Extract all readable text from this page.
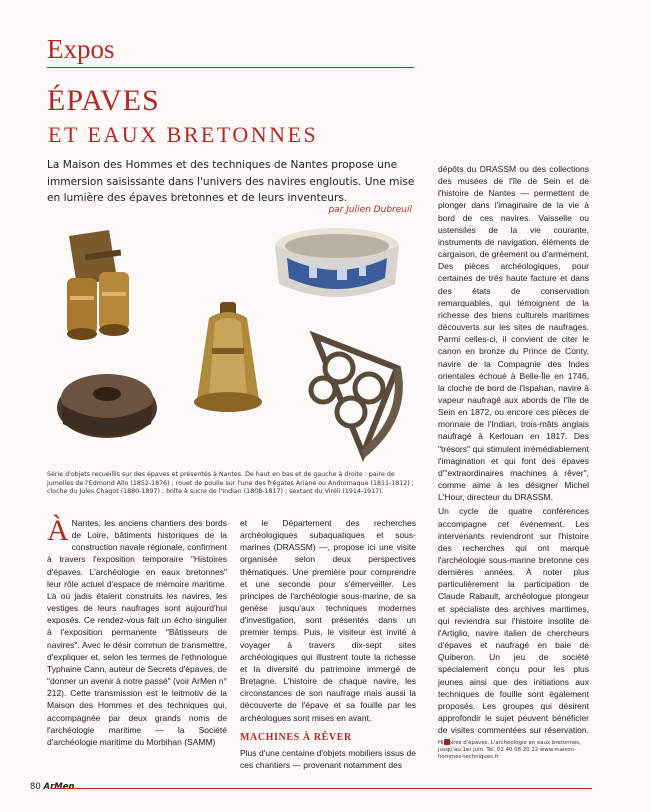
Expos
ÉPAVES
ET EAUX BRETONNES
La Maison des Hommes et des techniques de Nantes propose une immersion saisissante dans l'univers des navires engloutis. Une mise en lumière des épaves bretonnes et de leurs inventeurs.
par Julien Dubreuil
Série d'objets recueillis sur des épaves et présentés à Nantes. De haut en bas et de gauche à droite : paire de jumelles de l'Edmond Allo (1852-1876) ; rouet de poulie sur l'une des frégates Ariane ou Andromaque (1811-1812) ; cloche du Jules Chagot (1880-1897) ; boîte à sucre de l'Indian (1808-1817) ; sextant du Viréli (1914-1917).

À Nantes, les anciens chantiers des bords de Loire, bâtiments historiques de la construction navale régionale, confirment à travers l'exposition temporaire "Histoires d'épaves. L'archéologie en eaux bretonnes" leur rôle actuel d'espace de mémoire maritime. Là où jadis étaient construits les navires, les vestiges de leurs naufrages sont aujourd'hui exposés. Ce rendez-vous fait un écho singulier à l'exposition permanente "Bâtisseurs de navires". Avec le désir commun de transmettre, d'expliquer et, selon les termes de l'ethnologue Typhaine Cann, auteur de Secrets d'épaves, de "donner un avenir à notre passé" (voir ArMen n° 212). Cette transmission est le leitmotiv de la Maison des Hommes et des techniques qui, accompagnée par deux grands noms de l'archéologie maritime — la Société d'archéologie maritime du Morbihan (SAMM)

et le Département des recherches archéologiques subaquatiques et sous-marines (DRASSM) —, propose ici une visite organisée selon deux perspectives thématiques. Une première pour comprendre et une seconde pour s'émerveiller. Les principes de l'archéologie sous-marine, de sa genèse jusqu'aux techniques modernes d'investigation, sont présentés dans un premier temps. Puis, le visiteur est invité à voyager à travers dix-sept sites archéologiques qui illustrent toute la richesse et la diversité du patrimoine immergé de Bretagne. L'histoire de chaque navire, les circonstances de son naufrage mais aussi la découverte de l'épave et sa fouille par les archéologues sont mises en avant.

MACHINES À RÊVER

Plus d'une centaine d'objets mobiliers issus de ces chantiers — provenant notamment des

dépôts du DRASSM ou des collections des musées de l'île de Sein et de l'histoire de Nantes — permettent de plonger dans l'imaginaire de la vie à bord de ces navires. Vaisselle ou ustensiles de la vie courante, instruments de navigation, éléments de cargaison, de gréement ou d'armement. Des pièces archéologiques, pour certaines de très haute facture et dans des états de conservation remarquables, qui témoignent de la richesse des biens culturels maritimes découverts sur les sites de naufrages. Parmi celles-ci, il convient de citer le canon en bronze du Prince de Conty, navire de la Compagnie des Indes orientales échoué à Belle-Île en 1746, la cloche de bord de l'Ispahan, navire à vapeur naufragé aux abords de l'île de Sein en 1872, ou encore ces pièces de monnaie de l'Indian, trois-mâts anglais naufragé à Kerlouan en 1817. Des "trésors" qui stimulent irrémédiablement l'imagination et qui font des épaves d'"extraordinaires machines à rêver", comme aime à les désigner Michel L'Hour, directeur du DRASSM.

Un cycle de quatre conférences accompagne cet événement. Les intervenants reviendront sur l'histoire des recherches qui ont marqué l'archéologie sous-marine bretonne ces dernières années. À noter plus particulièrement la participation de Claude Rabault, archéologue plongeur et spécialiste des archives maritimes, qui reviendra sur l'histoire insolite de l'Artiglio, navire italien de chercheurs d'épaves et naufragé en baie de Quiberon. Un jeu de société spécialement conçu pour les plus jeunes ainsi que des initiations aux techniques de fouille sont également proposés. Les groupes qui désirent approfondir le sujet peuvent bénéficier de visites commentées sur réservation.

Histoires d'épaves. L'archéologie en eaux bretonnes, jusqu'au 1er juin. Tél. 02 40 08 20 22 www.maison-hommes-techniques.fr
80 ArMen
